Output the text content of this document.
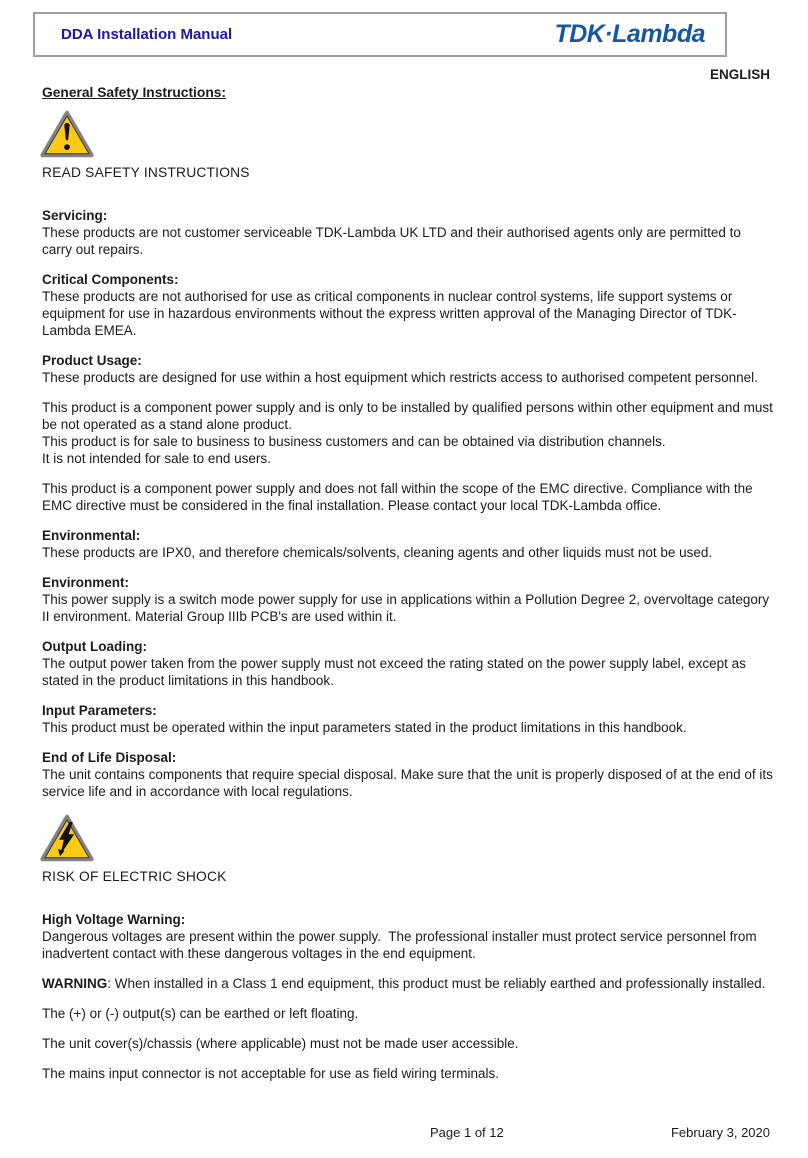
DDA Installation Manual	TDK·Lambda
ENGLISH
General Safety Instructions:
READ SAFETY INSTRUCTIONS
Servicing:
These products are not customer serviceable TDK-Lambda UK LTD and their authorised agents only are permitted to carry out repairs.
Critical Components:
These products are not authorised for use as critical components in nuclear control systems, life support systems or equipment for use in hazardous environments without the express written approval of the Managing Director of TDK-Lambda EMEA.
Product Usage:
These products are designed for use within a host equipment which restricts access to authorised competent personnel.
This product is a component power supply and is only to be installed by qualified persons within other equipment and must be not operated as a stand alone product.
This product is for sale to business to business customers and can be obtained via distribution channels.
It is not intended for sale to end users.
This product is a component power supply and does not fall within the scope of the EMC directive. Compliance with the EMC directive must be considered in the final installation. Please contact your local TDK-Lambda office.
Environmental:
These products are IPX0, and therefore chemicals/solvents, cleaning agents and other liquids must not be used.
Environment:
This power supply is a switch mode power supply for use in applications within a Pollution Degree 2, overvoltage category II environment. Material Group IIIb PCB's are used within it.
Output Loading:
The output power taken from the power supply must not exceed the rating stated on the power supply label, except as stated in the product limitations in this handbook.
Input Parameters:
This product must be operated within the input parameters stated in the product limitations in this handbook.
End of Life Disposal:
The unit contains components that require special disposal. Make sure that the unit is properly disposed of at the end of its service life and in accordance with local regulations.
RISK OF ELECTRIC SHOCK
High Voltage Warning:
Dangerous voltages are present within the power supply.  The professional installer must protect service personnel from inadvertent contact with these dangerous voltages in the end equipment.
WARNING: When installed in a Class 1 end equipment, this product must be reliably earthed and professionally installed.
The (+) or (-) output(s) can be earthed or left floating.
The unit cover(s)/chassis (where applicable) must not be made user accessible.
The mains input connector is not acceptable for use as field wiring terminals.
Page 1 of 12	February 3, 2020
